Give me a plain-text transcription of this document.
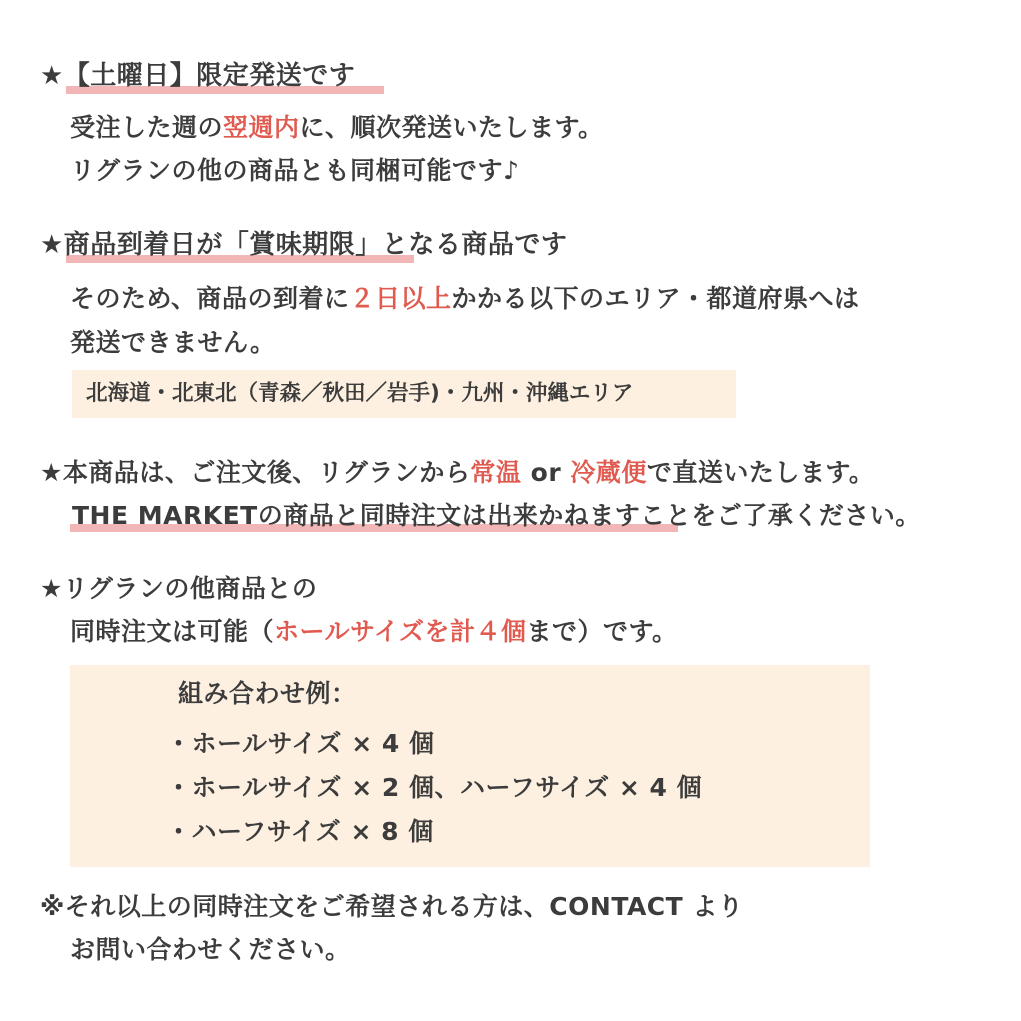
★【土曜日】限定発送です
受注した週の翌週内に、順次発送いたします。
リグランの他の商品とも同梱可能です♪
★商品到着日が「賞味期限」となる商品です
そのため、商品の到着に２日以上かかる以下のエリア・都道府県へは
発送できません。
北海道・北東北（青森／秋田／岩手)・九州・沖縄エリア
★本商品は、ご注文後、リグランから常温 or 冷蔵便で直送いたします。
THE MARKETの商品と同時注文は出来かねますことをご了承ください。
★リグランの他商品との
同時注文は可能（ホールサイズを計４個まで）です。
組み合わせ例：
・ホールサイズ × 4 個
・ホールサイズ × 2 個、ハーフサイズ × 4 個
・ハーフサイズ × 8 個
※それ以上の同時注文をご希望される方は、CONTACT より
お問い合わせください。
